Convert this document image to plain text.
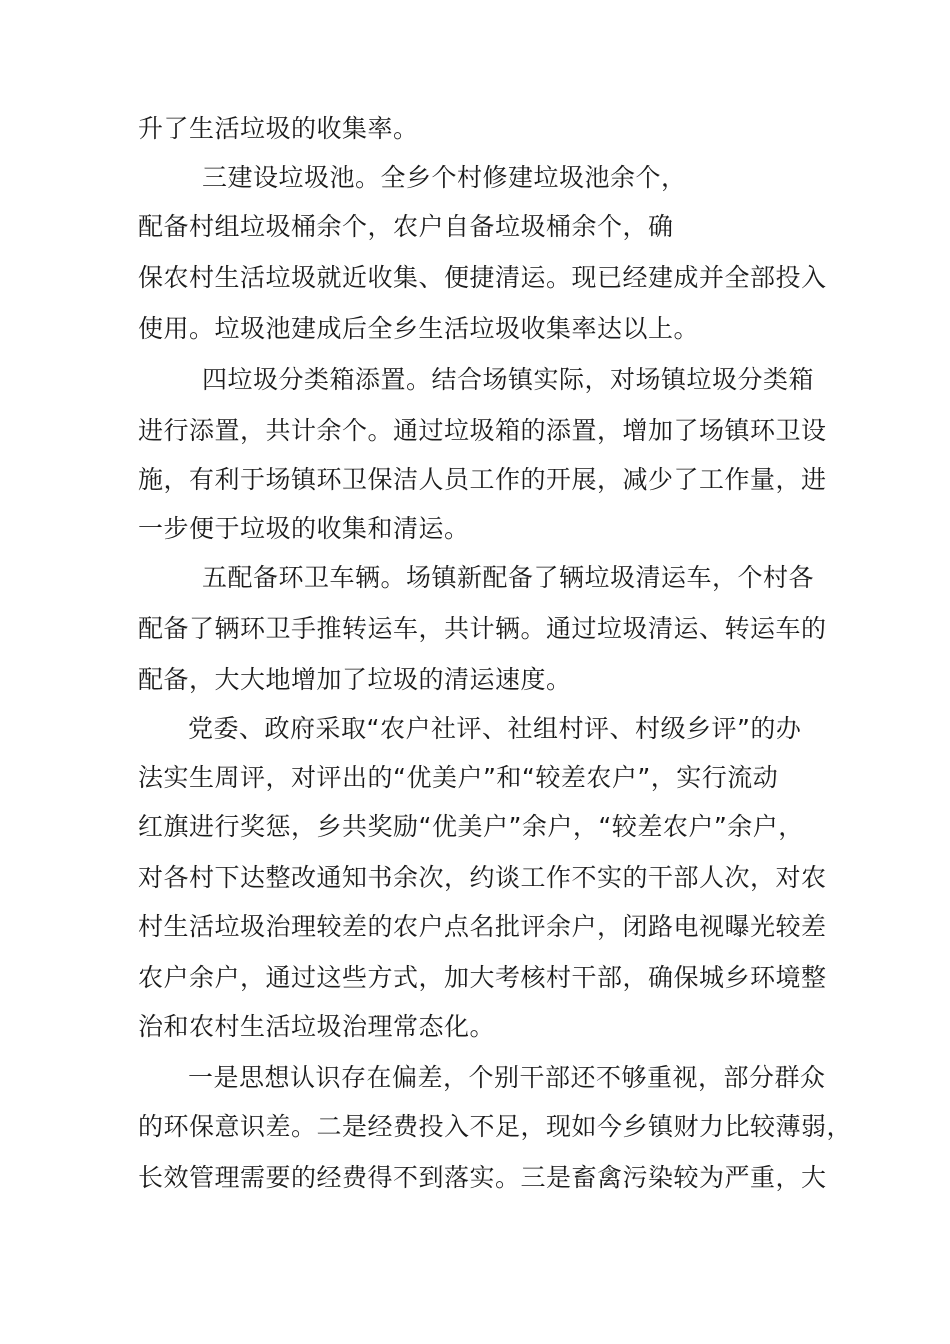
升了生活垃圾的收集率。
三建设垃圾池。全乡个村修建垃圾池余个，
配备村组垃圾桶余个，农户自备垃圾桶余个，确
保农村生活垃圾就近收集、便捷清运。现已经建成并全部投入
使用。垃圾池建成后全乡生活垃圾收集率达以上。
四垃圾分类箱添置。结合场镇实际，对场镇垃圾分类箱
进行添置，共计余个。通过垃圾箱的添置，增加了场镇环卫设
施，有利于场镇环卫保洁人员工作的开展，减少了工作量，进
一步便于垃圾的收集和清运。
五配备环卫车辆。场镇新配备了辆垃圾清运车，个村各
配备了辆环卫手推转运车，共计辆。通过垃圾清运、转运车的
配备，大大地增加了垃圾的清运速度。
党委、政府采取“农户社评、社组村评、村级乡评”的办
法实生周评，对评出的“优美户”和“较差农户”，实行流动
红旗进行奖惩，乡共奖励“优美户”余户，“较差农户”余户，
对各村下达整改通知书余次，约谈工作不实的干部人次，对农
村生活垃圾治理较差的农户点名批评余户，闭路电视曝光较差
农户余户，通过这些方式，加大考核村干部，确保城乡环境整
治和农村生活垃圾治理常态化。
一是思想认识存在偏差，个别干部还不够重视，部分群众
的环保意识差。二是经费投入不足，现如今乡镇财力比较薄弱，
长效管理需要的经费得不到落实。三是畜禽污染较为严重，大
